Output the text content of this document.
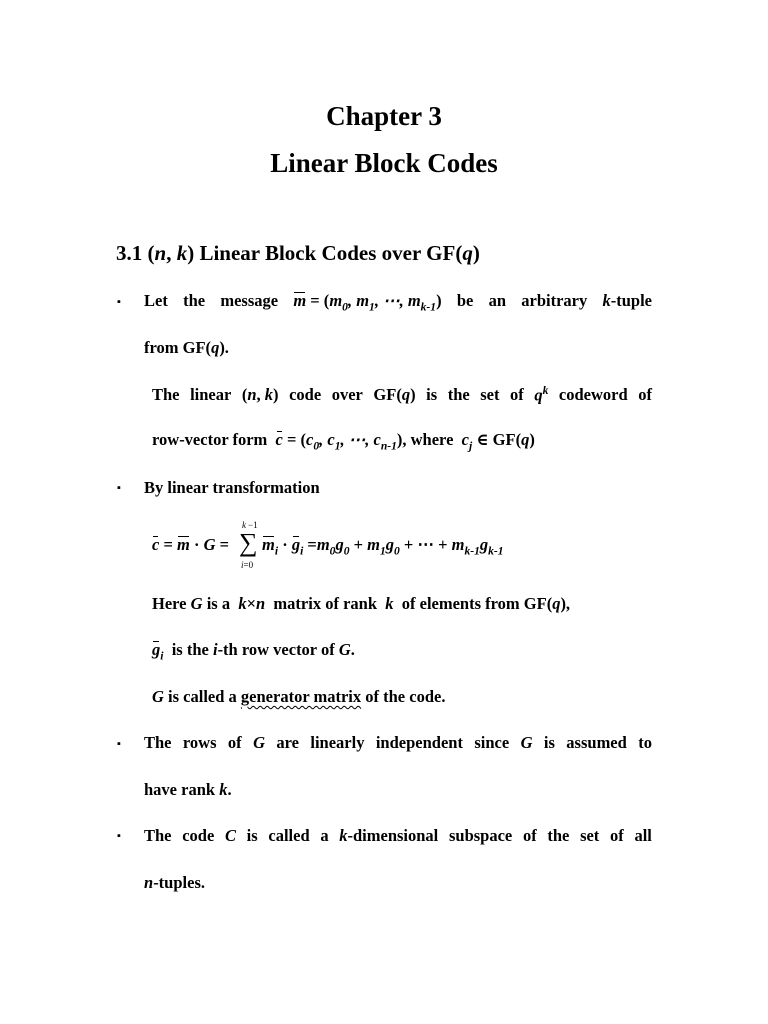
Chapter 3
Linear Block Codes
3.1 (n, k) Linear Block Codes over GF(q)
▪ Let the message $m = (m_0$, $m_1$, ⋯, $m_{k-1}$) be an arbitrary k-tuple
from GF(q).
The linear (n, k) code over GF(q) is the set of $q^k$ codeword of
row-vector form $c = (c_0$, $c_1$, ⋯, $c_{n-1}$), where $c_j$ ∈ GF(q)
▪ By linear transformation
c = m · G =
k −1
∑
i=0
$m_i \cdot g_i =m_0g_0 + m_1g_0$ + ⋯ + $m_{k-1}g_{k-1}$
Here G is a k×n matrix of rank k of elements from GF(q),
$g_i$ is the i-th row vector of G.
G is called a generator matrix of the code.
▪ The rows of G are linearly independent since G is assumed to
have rank k.
▪ The code C is called a k-dimensional subspace of the set of all
n-tuples.
